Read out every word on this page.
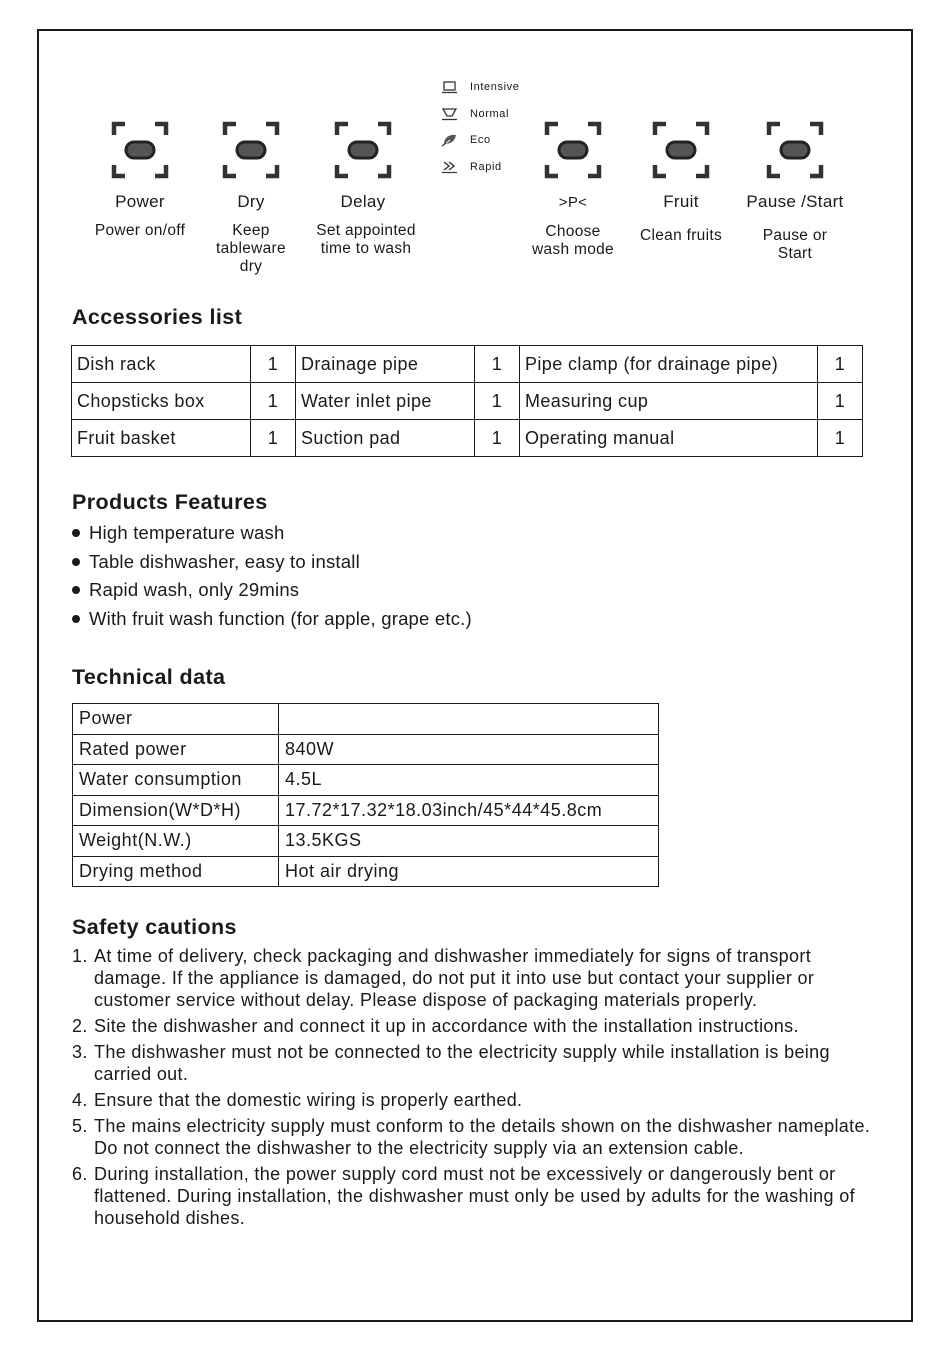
Power
Power on/off
Dry
Keep
tableware
dry
Delay
Set appointed
time to wash
>P<
Choose
wash mode
Fruit
Clean fruits
Pause /Start
Pause or
Start
Intensive
Normal
Eco
Rapid
Accessories list
Dish rack	1	Drainage pipe	1	Pipe clamp (for drainage pipe)	1
Chopsticks box	1	Water inlet pipe	1	Measuring cup	1
Fruit basket	1	Suction pad	1	Operating manual	1
Products Features
High temperature wash
Table dishwasher, easy to install
Rapid wash, only 29mins
With fruit wash function (for apple, grape etc.)
Technical data
Power	
Rated power	840W
Water consumption	4.5L
Dimension(W*D*H)	17.72*17.32*18.03inch/45*44*45.8cm
Weight(N.W.)	13.5KGS
Drying method	Hot air drying
Safety cautions
1. At time of delivery, check packaging and dishwasher immediately for signs of transport damage. If the appliance is damaged, do not put it into use but contact your supplier or customer service without delay. Please dispose of packaging materials properly.
2. Site the dishwasher and connect it up in accordance with the installation instructions.
3. The dishwasher must not be connected to the electricity supply while installation is being carried out.
4. Ensure that the domestic wiring is properly earthed.
5. The mains electricity supply must conform to the details shown on the dishwasher nameplate. Do not connect the dishwasher to the electricity supply via an extension cable.
6. During installation, the power supply cord must not be excessively or dangerously bent or flattened. During installation, the dishwasher must only be used by adults for the washing of household dishes.
